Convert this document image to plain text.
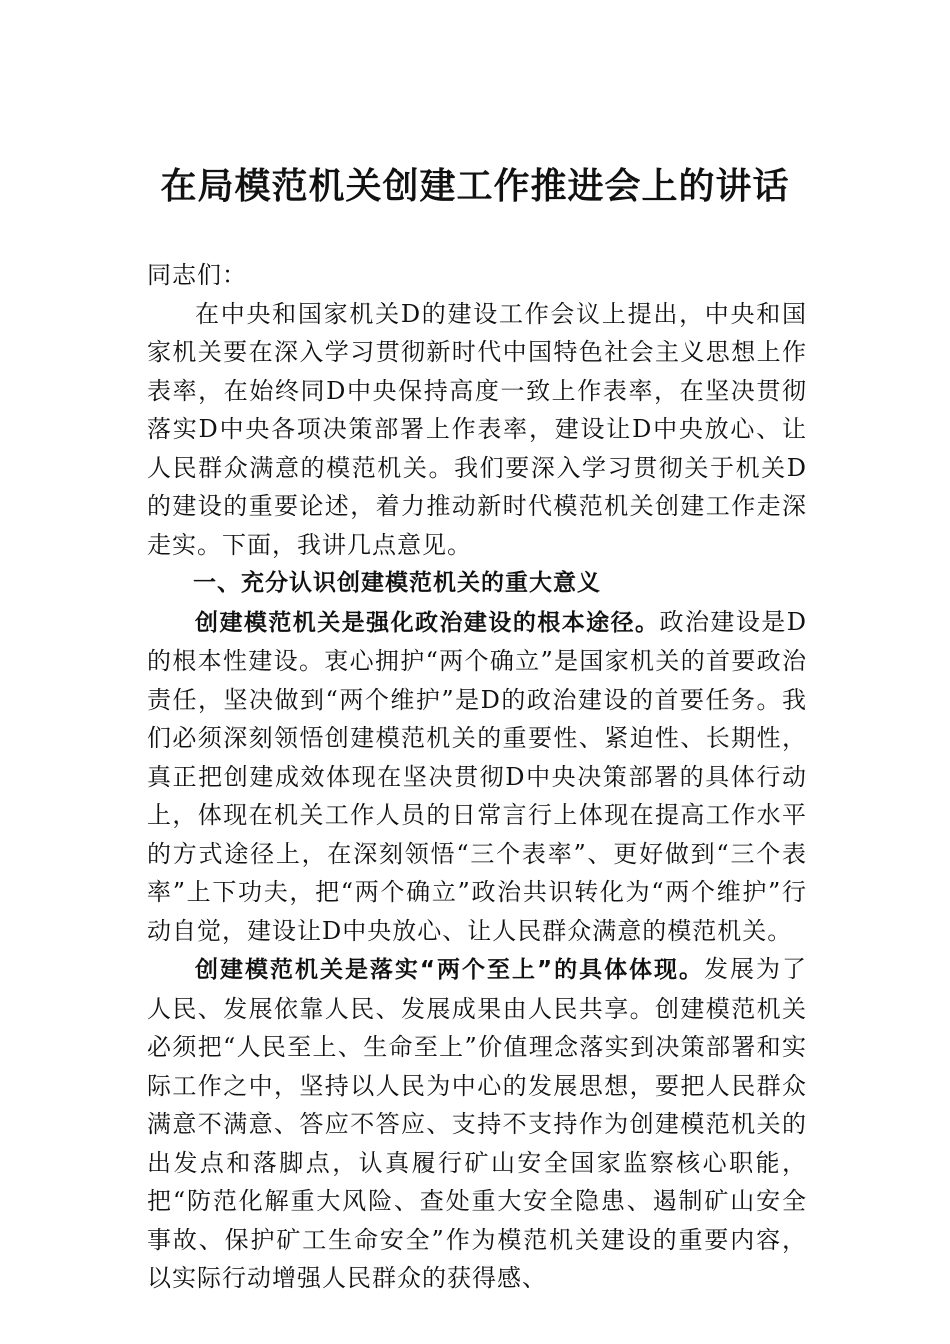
在局模范机关创建工作推进会上的讲话

同志们：

在中央和国家机关D的建设工作会议上提出，中央和国家机关要在深入学习贯彻新时代中国特色社会主义思想上作表率，在始终同D中央保持高度一致上作表率，在坚决贯彻落实D中央各项决策部署上作表率，建设让D中央放心、让人民群众满意的模范机关。我们要深入学习贯彻关于机关D的建设的重要论述，着力推动新时代模范机关创建工作走深走实。下面，我讲几点意见。

一、充分认识创建模范机关的重大意义

创建模范机关是强化政治建设的根本途径。政治建设是D的根本性建设。衷心拥护“两个确立”是国家机关的首要政治责任，坚决做到“两个维护”是D的政治建设的首要任务。我们必须深刻领悟创建模范机关的重要性、紧迫性、长期性，真正把创建成效体现在坚决贯彻D中央决策部署的具体行动上，体现在机关工作人员的日常言行上体现在提高工作水平的方式途径上，在深刻领悟“三个表率”、更好做到“三个表率”上下功夫，把“两个确立”政治共识转化为“两个维护”行动自觉，建设让D中央放心、让人民群众满意的模范机关。

创建模范机关是落实“两个至上”的具体体现。发展为了人民、发展依靠人民、发展成果由人民共享。创建模范机关必须把“人民至上、生命至上”价值理念落实到决策部署和实际工作之中，坚持以人民为中心的发展思想，要把人民群众满意不满意、答应不答应、支持不支持作为创建模范机关的出发点和落脚点，认真履行矿山安全国家监察核心职能，把“防范化解重大风险、查处重大安全隐患、遏制矿山安全事故、保护矿工生命安全”作为模范机关建设的重要内容，以实际行动增强人民群众的获得感、
